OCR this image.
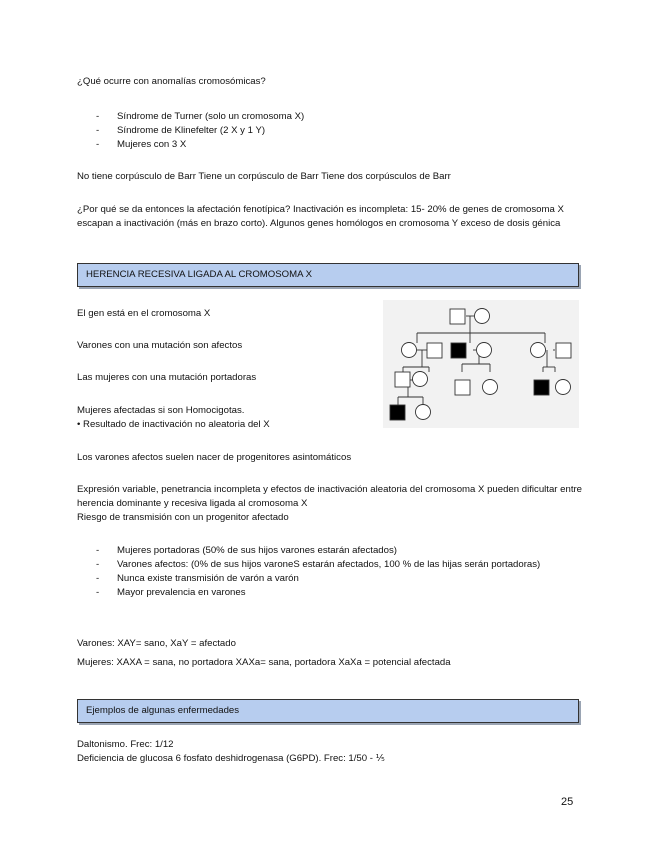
¿Qué ocurre con anomalías cromosómicas?
- Síndrome de Turner (solo un cromosoma X)
- Síndrome de Klinefelter (2 X y 1 Y)
- Mujeres con 3 X
No tiene corpúsculo de Barr Tiene un corpúsculo de Barr Tiene dos corpúsculos de Barr
¿Por qué se da entonces la afectación fenotípica? Inactivación es incompleta: 15- 20% de genes de cromosoma X escapan a inactivación (más en brazo corto). Algunos genes homólogos en cromosoma Y exceso de dosis génica
HERENCIA RECESIVA LIGADA AL CROMOSOMA X
El gen está en el cromosoma X
Varones con una mutación son afectos
Las mujeres con una mutación portadoras
Mujeres afectadas si son Homocigotas.
• Resultado de inactivación no aleatoria del X
Los varones afectos suelen nacer de progenitores asintomáticos
Expresión variable, penetrancia incompleta y efectos de inactivación aleatoria del cromosoma X pueden dificultar entre herencia dominante y recesiva ligada al cromosoma X
Riesgo de transmisión con un progenitor afectado
- Mujeres portadoras (50% de sus hijos varones estarán afectados)
- Varones afectos: (0% de sus hijos varoneS estarán afectados, 100 % de las hijas serán portadoras)
- Nunca existe transmisión de varón a varón
- Mayor prevalencia en varones
Varones: XAY= sano, XaY = afectado
Mujeres: XAXA = sana, no portadora XAXa= sana, portadora XaXa = potencial afectada
Ejemplos de algunas enfermedades
Daltonismo. Frec: 1/12
Deficiencia de glucosa 6 fosfato deshidrogenasa (G6PD). Frec: 1/50 - ⅕
25
